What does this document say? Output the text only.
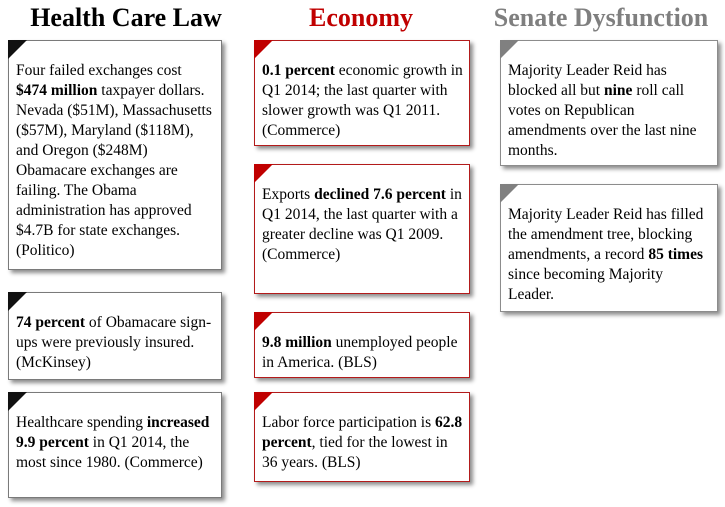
Health Care Law	Economy	Senate Dysfunction
Four failed exchanges cost $474 million taxpayer dollars. Nevada ($51M), Massachusetts ($57M), Maryland ($118M), and Oregon ($248M) Obamacare exchanges are failing. The Obama administration has approved $4.7B for state exchanges. (Politico)
74 percent of Obamacare sign-ups were previously insured. (McKinsey)
Healthcare spending increased 9.9 percent in Q1 2014, the most since 1980. (Commerce)
0.1 percent economic growth in Q1 2014; the last quarter with slower growth was Q1 2011. (Commerce)
Exports declined 7.6 percent in Q1 2014, the last quarter with a greater decline was Q1 2009. (Commerce)
9.8 million unemployed people in America. (BLS)
Labor force participation is 62.8 percent, tied for the lowest in 36 years. (BLS)
Majority Leader Reid has blocked all but nine roll call votes on Republican amendments over the last nine months.
Majority Leader Reid has filled the amendment tree, blocking amendments, a record 85 times since becoming Majority Leader.
